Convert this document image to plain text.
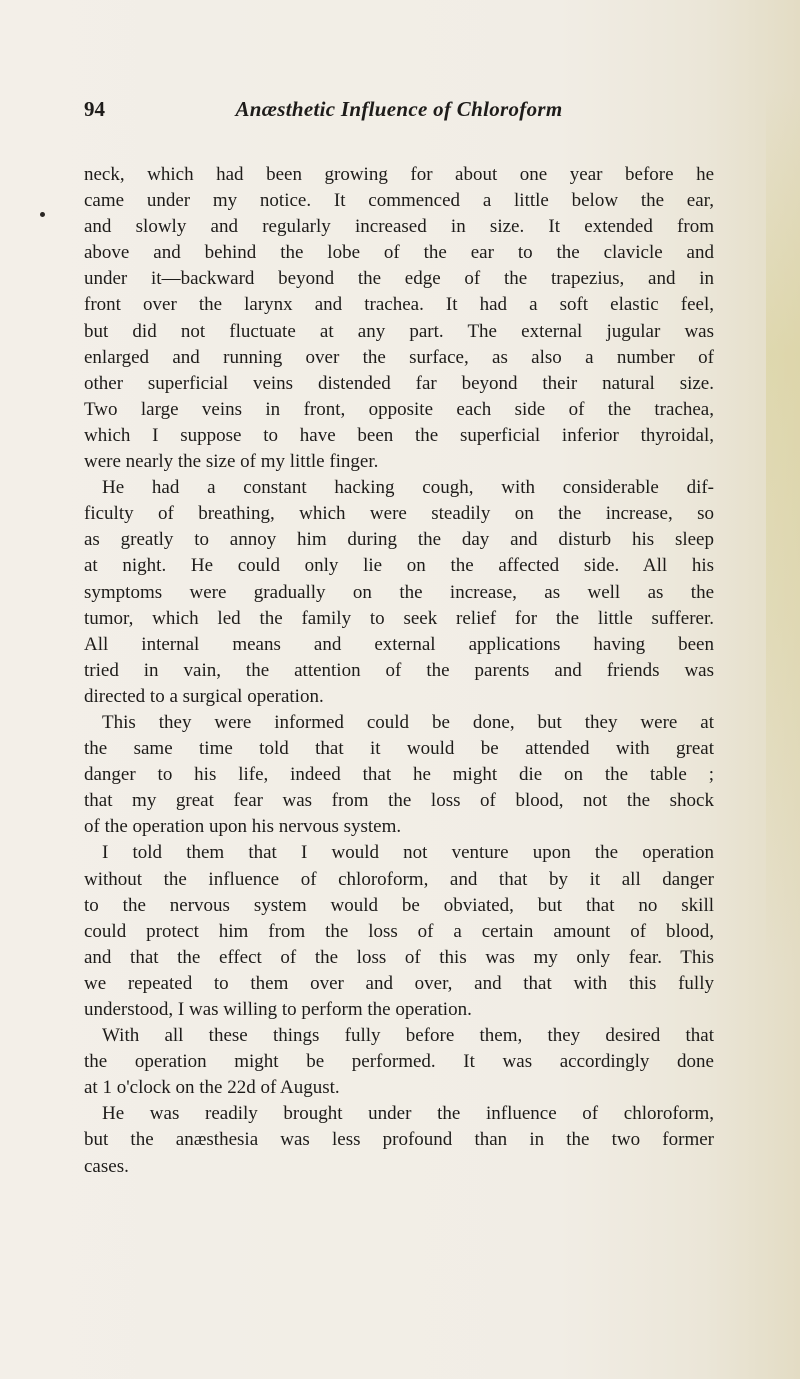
94	Anæsthetic Influence of Chloroform
neck, which had been growing for about one year before he
came under my notice. It commenced a little below the ear,
and slowly and regularly increased in size. It extended from
above and behind the lobe of the ear to the clavicle and
under it—backward beyond the edge of the trapezius, and in
front over the larynx and trachea. It had a soft elastic feel,
but did not fluctuate at any part. The external jugular was
enlarged and running over the surface, as also a number of
other superficial veins distended far beyond their natural size.
Two large veins in front, opposite each side of the trachea,
which I suppose to have been the superficial inferior thyroidal,
were nearly the size of my little finger.
He had a constant hacking cough, with considerable dif-
ficulty of breathing, which were steadily on the increase, so
as greatly to annoy him during the day and disturb his sleep
at night. He could only lie on the affected side. All his
symptoms were gradually on the increase, as well as the
tumor, which led the family to seek relief for the little sufferer.
All internal means and external applications having been
tried in vain, the attention of the parents and friends was
directed to a surgical operation.
This they were informed could be done, but they were at
the same time told that it would be attended with great
danger to his life, indeed that he might die on the table ;
that my great fear was from the loss of blood, not the shock
of the operation upon his nervous system.
I told them that I would not venture upon the operation
without the influence of chloroform, and that by it all danger
to the nervous system would be obviated, but that no skill
could protect him from the loss of a certain amount of blood,
and that the effect of the loss of this was my only fear. This
we repeated to them over and over, and that with this fully
understood, I was willing to perform the operation.
With all these things fully before them, they desired that
the operation might be performed. It was accordingly done
at 1 o'clock on the 22d of August.
He was readily brought under the influence of chloroform,
but the anæsthesia was less profound than in the two former
cases.
